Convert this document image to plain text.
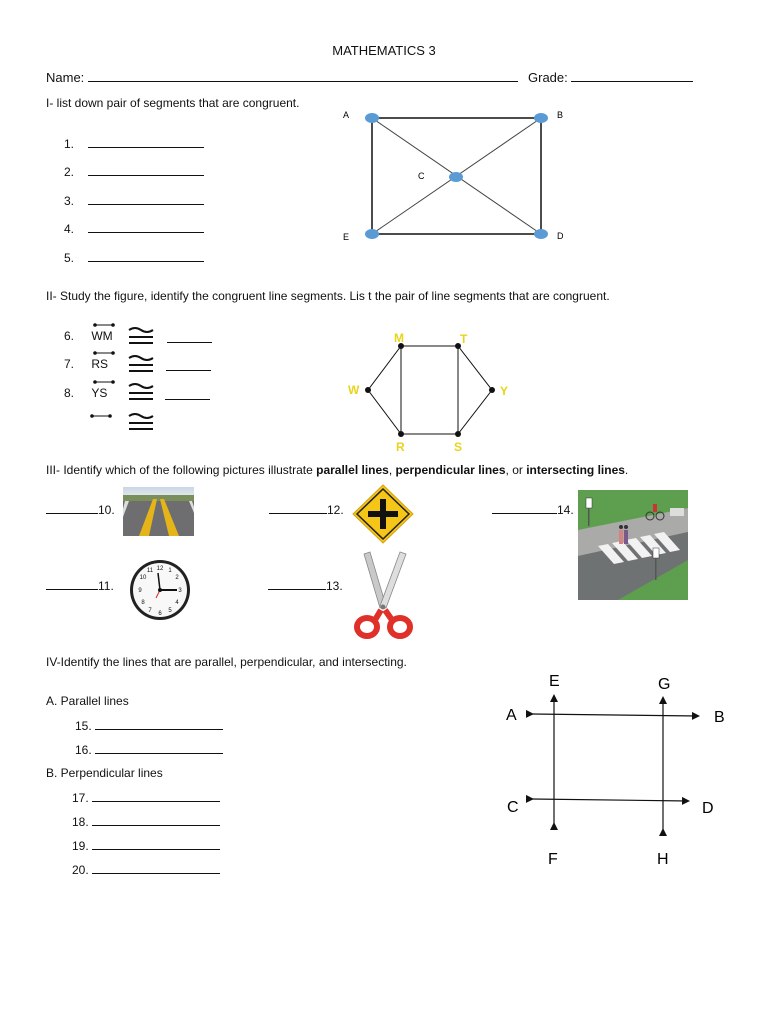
MATHEMATICS 3
Name:	Grade:
I- list down pair of segments that are congruent.
1.
2.
3.
4.
5.
A	B
C
D
E
II- Study the figure, identify the congruent line segments. Lis t the pair of line segments that are congruent.
6. WM
7. RS
8. YS
M	T
W	Y
R	S
III- Identify which of the following pictures illustrate parallel lines, perpendicular lines, or intersecting lines.
10.	12.	14.
11.	13.
12 1
2
3
4
5
6
7
8
9
10
11
IV-Identify the lines that are parallel, perpendicular, and intersecting.
A. Parallel lines
15.
16.
B. Perpendicular lines
17.
18.
19.
20.
A	B
C	D
E
F
G
H
